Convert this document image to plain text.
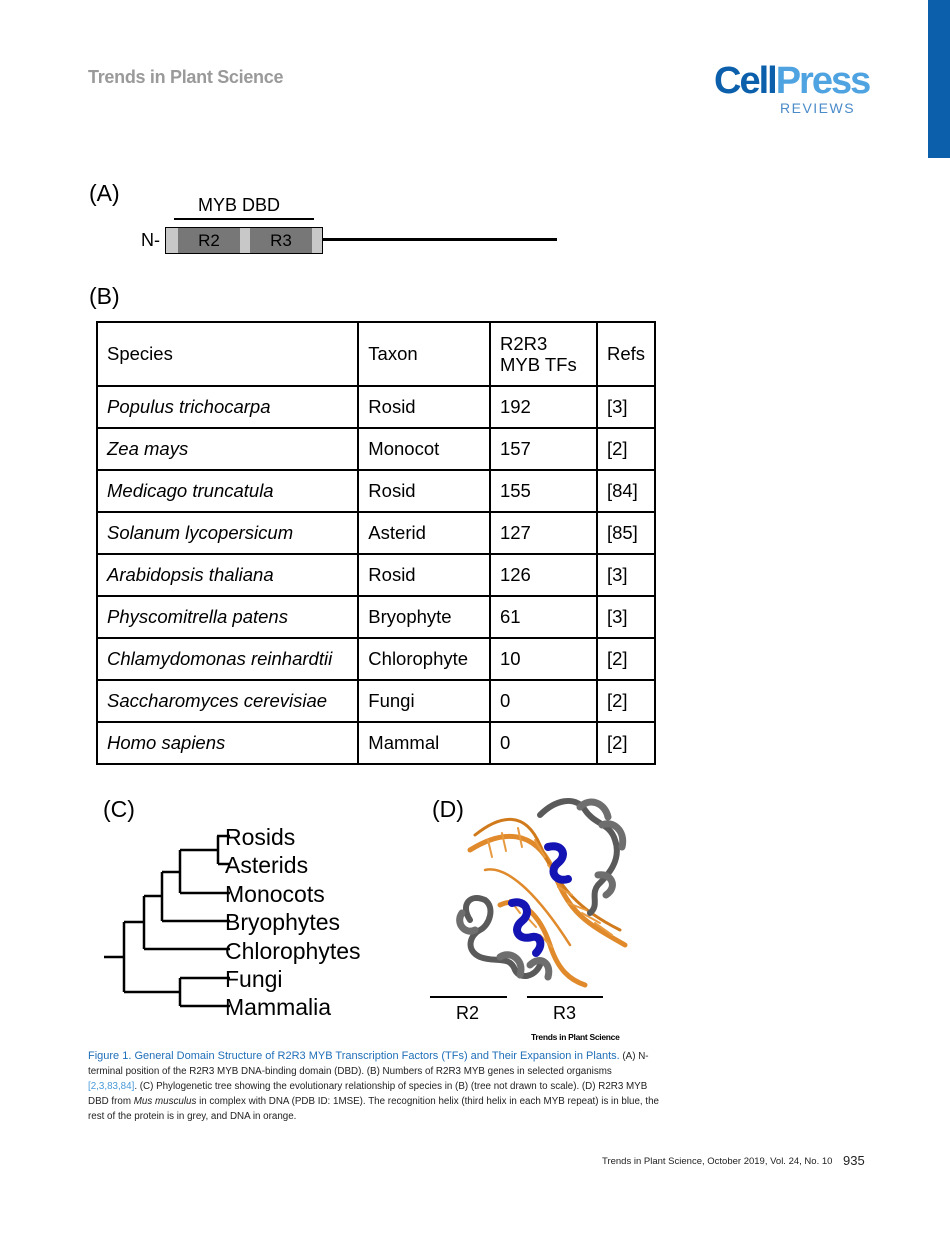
Trends in Plant Science	CellPress
REVIEWS
(A)	MYB DBD
N-	R2	R3
(B)
Species	Taxon	R2R3 MYB TFs	Refs
Populus trichocarpa	Rosid	192	[3]
Zea mays	Monocot	157	[2]
Medicago truncatula	Rosid	155	[84]
Solanum lycopersicum	Asterid	127	[85]
Arabidopsis thaliana	Rosid	126	[3]
Physcomitrella patens	Bryophyte	61	[3]
Chlamydomonas reinhardtii	Chlorophyte	10	[2]
Saccharomyces cerevisiae	Fungi	0	[2]
Homo sapiens	Mammal	0	[2]
(C)
Rosids
Asterids
Monocots
Bryophytes
Chlorophytes
Fungi
Mammalia
(D)
R2	R3
Trends in Plant Science
Figure 1. General Domain Structure of R2R3 MYB Transcription Factors (TFs) and Their Expansion in Plants. (A) N-terminal position of the R2R3 MYB DNA-binding domain (DBD). (B) Numbers of R2R3 MYB genes in selected organisms [2,3,83,84]. (C) Phylogenetic tree showing the evolutionary relationship of species in (B) (tree not drawn to scale). (D) R2R3 MYB DBD from Mus musculus in complex with DNA (PDB ID: 1MSE). The recognition helix (third helix in each MYB repeat) is in blue, the rest of the protein is in grey, and DNA in orange.
Trends in Plant Science, October 2019, Vol. 24, No. 10 935
